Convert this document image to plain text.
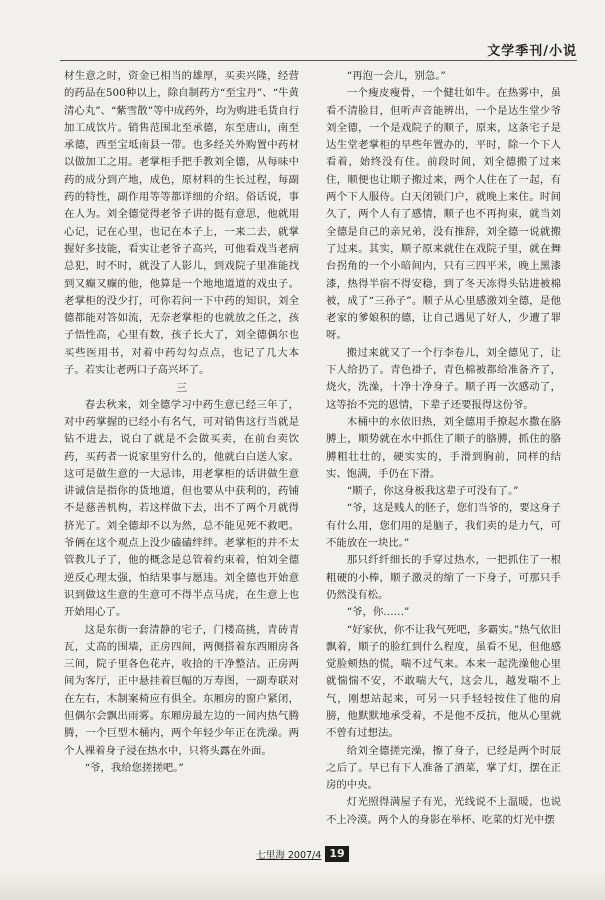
文学季刊/小说

材生意之时，资金已相当的雄厚，买卖兴隆，经营的药品在500种以上，除自制药方“至宝丹”、“牛黄清心丸”、“紫雪散”等中成药外，均为购进毛货自行加工成饮片。销售范围北至承德，东至唐山，南至承德，西至宝坻南县一带。也多经关外购置中药材以做加工之用。老掌柜手把手教刘全德，从每味中药的成分到产地，成色，原材料的生长过程，每副药的特性，副作用等等都详细的介绍。俗话说，事在人为。刘全德觉得老爷子讲的挺有意思，他就用心记，记在心里，也记在本子上，一来二去，就掌握好多技能，看实让老爷子高兴，可他看戏当老病总犯，时不时，就没了人影儿，到戏院子里准能找到又癫又癫的他，他算是一个地地道道的戏虫子。老掌柜的没少打，可你若问一下中药的知识，刘全德都能对答如流，无奈老掌柜的也就放之任之，孩子悟性高，心里有数，孩子长大了，刘全德偶尔也买些医用书，对着中药勾勾点点，也记了几大本子。若实让老两口子高兴坏了。

三

春去秋来，刘全德学习中药生意已经三年了，对中药掌握的已经小有名气，可对销售这行当就是钻不进去，说白了就是不会做买卖，在前台卖饮药，买药者一说家里穷什么的，他就白白送人家。这可是做生意的一大忌讳，用老掌柜的话讲做生意讲诚信是指你的货地道，但也要从中获利的，药铺不是慈善机构，若这样做下去，出不了两个月就得挤光了。刘全德却不以为然，总不能见死不救吧。爷俩在这个观点上没少磕磕绊绊。老掌柜的并不太管教儿子了，他的概念是总管着约束着，怕刘全德逆反心理太强，怕结果事与愿违。刘全德也开始意识到做这生意的生意可不得半点马虎，在生意上也开始用心了。

这是东街一套清静的宅子，门楼高挑，青砖青瓦，丈高的围墙，正房四间，两侧搭着东西厢房各三间，院子里各色花卉，收拾的干净整洁。正房两间为客厅，正中悬挂着巨幅的万寿图，一副寿联对在左右，木制案椅应有俱全。东厢房的窗户紧闭，但偶尔会飘出雨雾。东厢房最左边的一间内热气腾腾，一个巨型木桶内，两个年轻少年正在洗澡。两个人裸着身子浸在热水中，只将头露在外面。

“爷，我给您搓搓吧。”

“再泡一会儿，别急。”

一个瘦皮瘦骨，一个健壮如牛。在热雾中，虽看不清脸目，但听声音能辨出，一个是达生堂少爷刘全德，一个是戏院子的顺子，原来，这条宅子是达生堂老掌柜的早些年置办的，平时，除一个下人看着，始终没有住。前段时间，刘全德搬了过来住，顺便也让顺子搬过来，两个人住在了一起，有两个下人服侍。白天闭锁门户，就晚上来住。时间久了，两个人有了感情，顺子也不再拘束，就当刘全德是自己的亲兄弟，没有推辞，刘全德一说就搬了过来。其实，顺子原来就住在戏院子里，就在舞台拐角的一个小暗间内，只有三四平米，晚上黑漆漆，热得半宿不得安稳，到了冬天冻得头钻进被棉被，成了“三孙子”。顺子从心里感激刘全德，是他老家的爹娘积的德，让自己遇见了好人，少遭了罪呀。

搬过来就又了一个行李卷儿，刘全德见了，让下人给扔了。青色褂子，青色棉被都给准备齐了，烧火，洗澡，十净十净身子。顺子再一次感动了，这等抬不完的恩情，下辈子还要报得这份爷。

木桶中的水依旧热，刘全德用手撩起水撒在胳膊上，顺势就在水中抓住了顺子的胳膊，抓住的胳膊粗壮壮的，硬实实的，手滑到胸前，同样的结实、饱满，手仍在下滑。

“顺子，你这身板我这辈子可没有了。”

“爷，这是贱人的胚子，您们当爷的，要这身子有什么用，您们用的是脑子，我们卖的是力气，可不能放在一块比。”

那只纤纤细长的手穿过热水，一把抓住了一根粗硬的小棒，顺子激灵的缩了一下身子，可那只手仍然没有松。

“爷，你……”

“好家伙，你不让我气死吧，多霸实。”热气依旧飘着，顺子的脸红到什么程度，虽看不见，但他感觉脸颊热的慌，喘不过气来。本来一起洗澡他心里就惴惴不安，不敢喘大气，这会儿，越发喘不上气，刚想站起来，可另一只手轻轻按住了他的肩膀，他默默地承受着，不是他不反抗，他从心里就不曾有过想法。

给刘全德搓完澡，擦了身子，已经是两个时辰之后了。早已有下人准备了酒菜，掌了灯，摆在正房的中央。

灯光照得满屋子有光，光线说不上温暖，也说不上冷漠。两个人的身影在举杯、吃菜的灯光中摆

七里海 2007/4 19
